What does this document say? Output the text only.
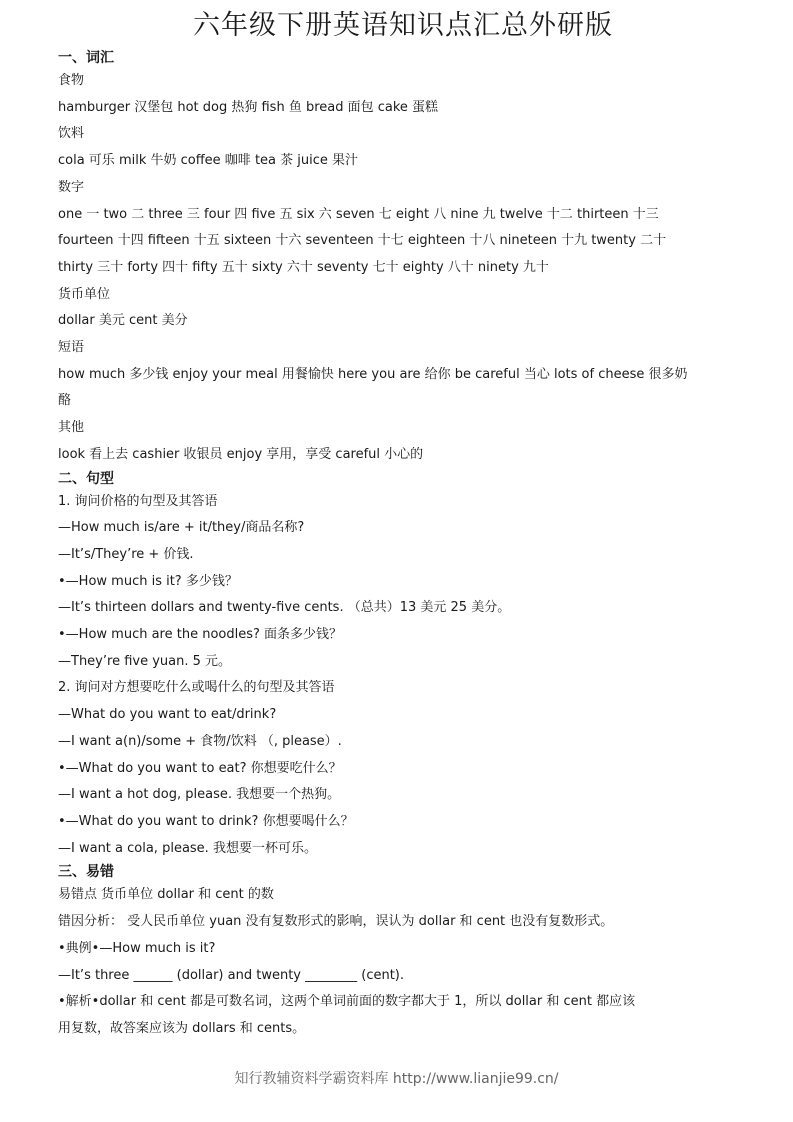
六年级下册英语知识点汇总外研版

一、词汇

食物

hamburger 汉堡包 hot dog 热狗 fish 鱼 bread 面包 cake 蛋糕

饮料

cola 可乐 milk 牛奶 coffee 咖啡 tea 茶 juice 果汁

数字

one 一 two 二 three 三 four 四 five 五 six 六 seven 七 eight 八 nine 九 twelve 十二 thirteen 十三

fourteen 十四 fifteen 十五 sixteen 十六 seventeen 十七 eighteen 十八 nineteen 十九 twenty 二十

thirty 三十 forty 四十 fifty 五十 sixty 六十 seventy 七十 eighty 八十 ninety 九十

货币单位

dollar 美元 cent 美分

短语

how much 多少钱 enjoy your meal 用餐愉快 here you are 给你 be careful 当心 lots of cheese 很多奶

酪

其他

look 看上去 cashier 收银员 enjoy 享用，享受 careful 小心的

二、句型

1. 询问价格的句型及其答语

—How much is/are + it/they/商品名称?

—It’s/They’re + 价钱.

•—How much is it? 多少钱？

—It’s thirteen dollars and twenty-five cents. （总共）13 美元 25 美分。

•—How much are the noodles? 面条多少钱？

—They’re five yuan. 5 元。

2. 询问对方想要吃什么或喝什么的句型及其答语

—What do you want to eat/drink?

—I want a(n)/some + 食物/饮料 （, please）.

•—What do you want to eat? 你想要吃什么？

—I want a hot dog, please. 我想要一个热狗。

•—What do you want to drink? 你想要喝什么？

—I want a cola, please. 我想要一杯可乐。

三、易错

易错点 货币单位 dollar 和 cent 的数

错因分析： 受人民币单位 yuan 没有复数形式的影响，误认为 dollar 和 cent 也没有复数形式。

•典例•—How much is it?

—It’s three ______ (dollar) and twenty ________ (cent).

•解析•dollar 和 cent 都是可数名词，这两个单词前面的数字都大于 1，所以 dollar 和 cent 都应该

用复数，故答案应该为 dollars 和 cents。

知行教辅资料学霸资料库 http://www.lianjie99.cn/
